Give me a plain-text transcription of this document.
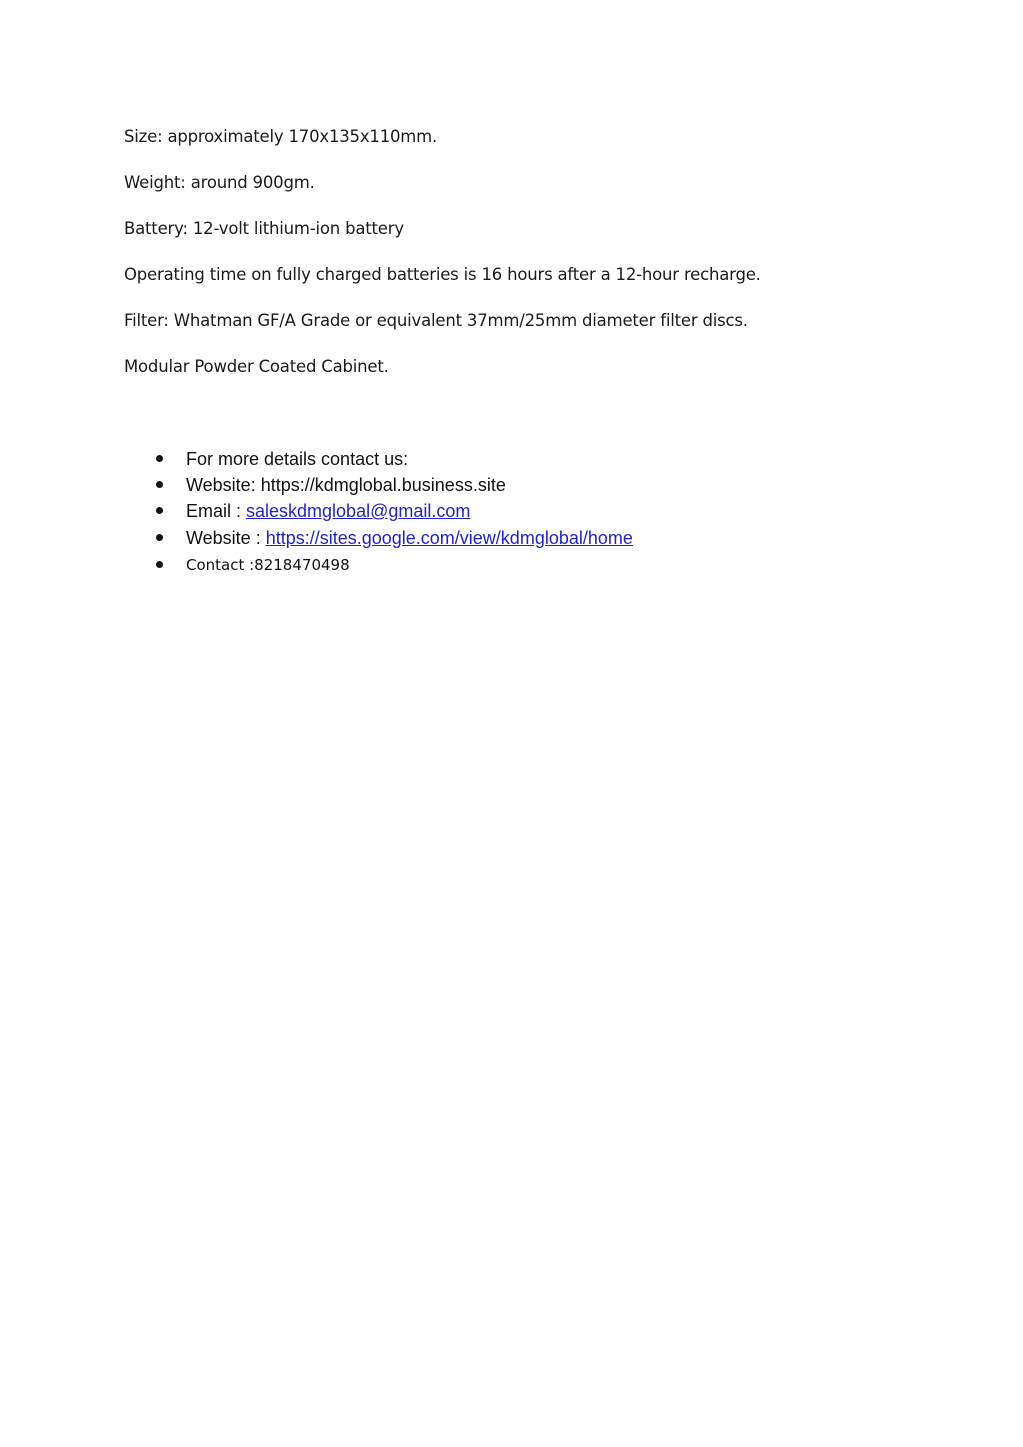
Size: approximately 170x135x110mm.

Weight: around 900gm.

Battery: 12-volt lithium-ion battery

Operating time on fully charged batteries is 16 hours after a 12-hour recharge.

Filter: Whatman GF/A Grade or equivalent 37mm/25mm diameter filter discs.

Modular Powder Coated Cabinet.

For more details contact us:
Website: https://kdmglobal.business.site
Email : saleskdmglobal@gmail.com
Website : https://sites.google.com/view/kdmglobal/home
Contact :8218470498
